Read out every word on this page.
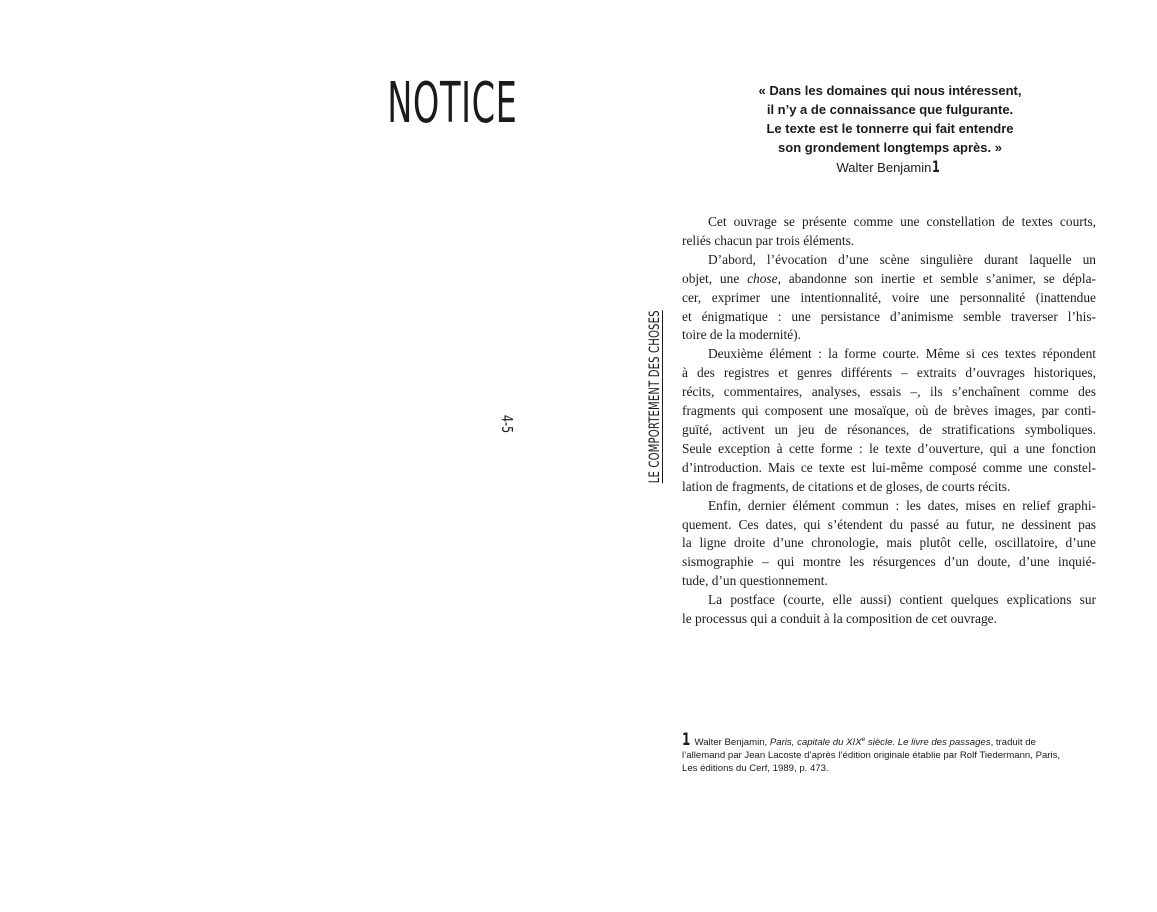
NOTICE
4-5	LE COMPORTEMENT DES CHOSES
« Dans les domaines qui nous intéressent,
il n’y a de connaissance que fulgurante.
Le texte est le tonnerre qui fait entendre
son grondement longtemps après. »
Walter Benjamin1

Cet ouvrage se présente comme une constellation de textes courts,
reliés chacun par trois éléments.

D’abord, l’évocation d’une scène singulière durant laquelle un
objet, une chose, abandonne son inertie et semble s’animer, se dépla-
cer, exprimer une intentionnalité, voire une personnalité (inattendue
et énigmatique : une persistance d’animisme semble traverser l’his-
toire de la modernité).

Deuxième élément : la forme courte. Même si ces textes répondent
à des registres et genres différents – extraits d’ouvrages historiques,
récits, commentaires, analyses, essais –, ils s’enchaînent comme des
fragments qui composent une mosaïque, où de brèves images, par conti-
guïté, activent un jeu de résonances, de stratifications symboliques.
Seule exception à cette forme : le texte d’ouverture, qui a une fonction
d’introduction. Mais ce texte est lui-même composé comme une constel-
lation de fragments, de citations et de gloses, de courts récits.

Enfin, dernier élément commun : les dates, mises en relief graphi-
quement. Ces dates, qui s’étendent du passé au futur, ne dessinent pas
la ligne droite d’une chronologie, mais plutôt celle, oscillatoire, d’une
sismographie – qui montre les résurgences d’un doute, d’une inquié-
tude, d’un questionnement.

La postface (courte, elle aussi) contient quelques explications sur
le processus qui a conduit à la composition de cet ouvrage.

1 Walter Benjamin, Paris, capitale du XIXe siècle. Le livre des passages, traduit de
l’allemand par Jean Lacoste d’après l’édition originale établie par Rolf Tiedermann, Paris,
Les éditions du Cerf, 1989, p. 473.
